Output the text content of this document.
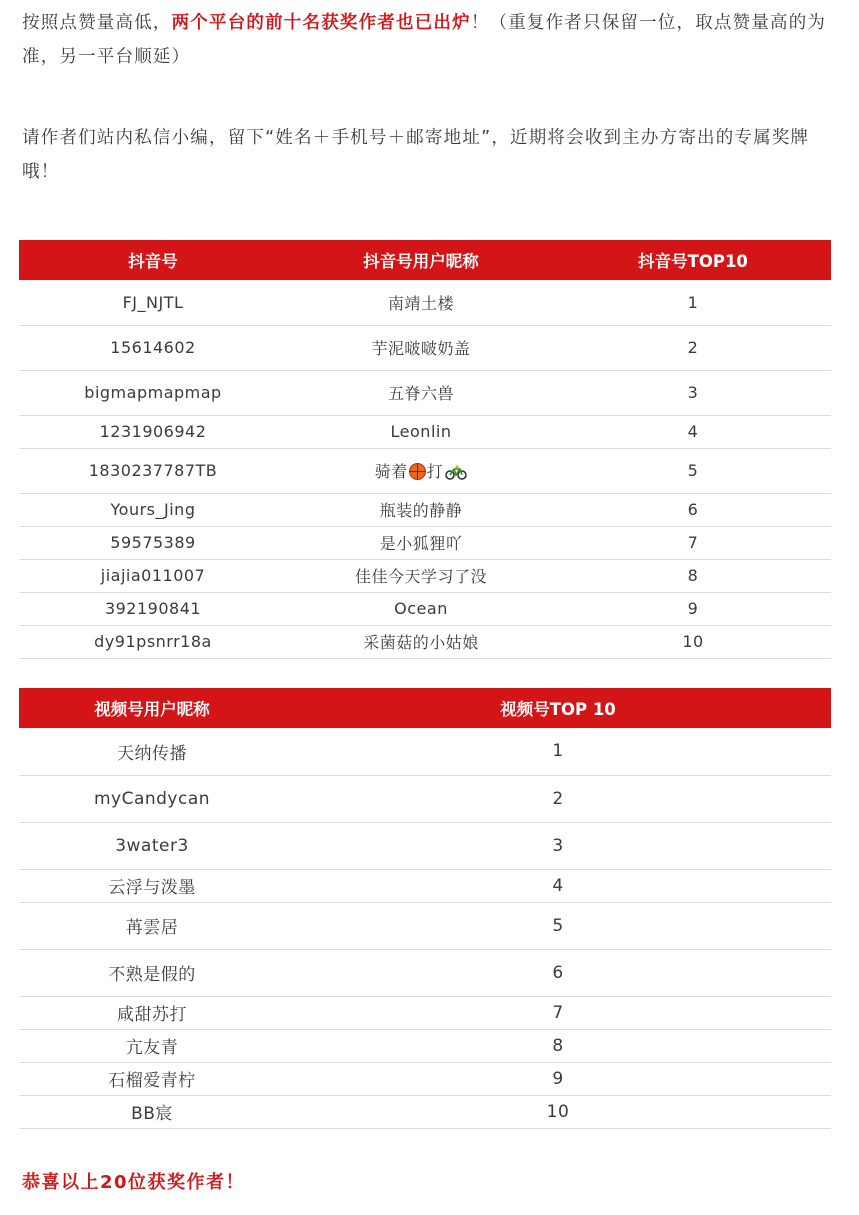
按照点赞量高低，两个平台的前十名获奖作者也已出炉！（重复作者只保留一位，取点赞量高的为准，另一平台顺延）
请作者们站内私信小编，留下“姓名＋手机号＋邮寄地址”，近期将会收到主办方寄出的专属奖牌哦！
抖音号	抖音号用户昵称	抖音号TOP10
FJ_NJTL	南靖土楼	1
15614602	芋泥啵啵奶盖	2
bigmapmapmap	五脊六兽	3
1231906942	Leonlin	4
1830237787TB	骑着 打	5
Yours_Jing	瓶装的静静	6
59575389	是小狐狸吖	7
jiajia011007	佳佳今天学习了没	8
392190841	Ocean	9
dy91psnrr18a	采菌菇的小姑娘	10
视频号用户昵称	视频号TOP 10
天纳传播	1
myCandycan	2
3water3	3
云浮与泼墨	4
苒雲居	5
不熟是假的	6
咸甜苏打	7
亢友青	8
石榴爱青柠	9
BB宸	10
恭喜以上20位获奖作者！
